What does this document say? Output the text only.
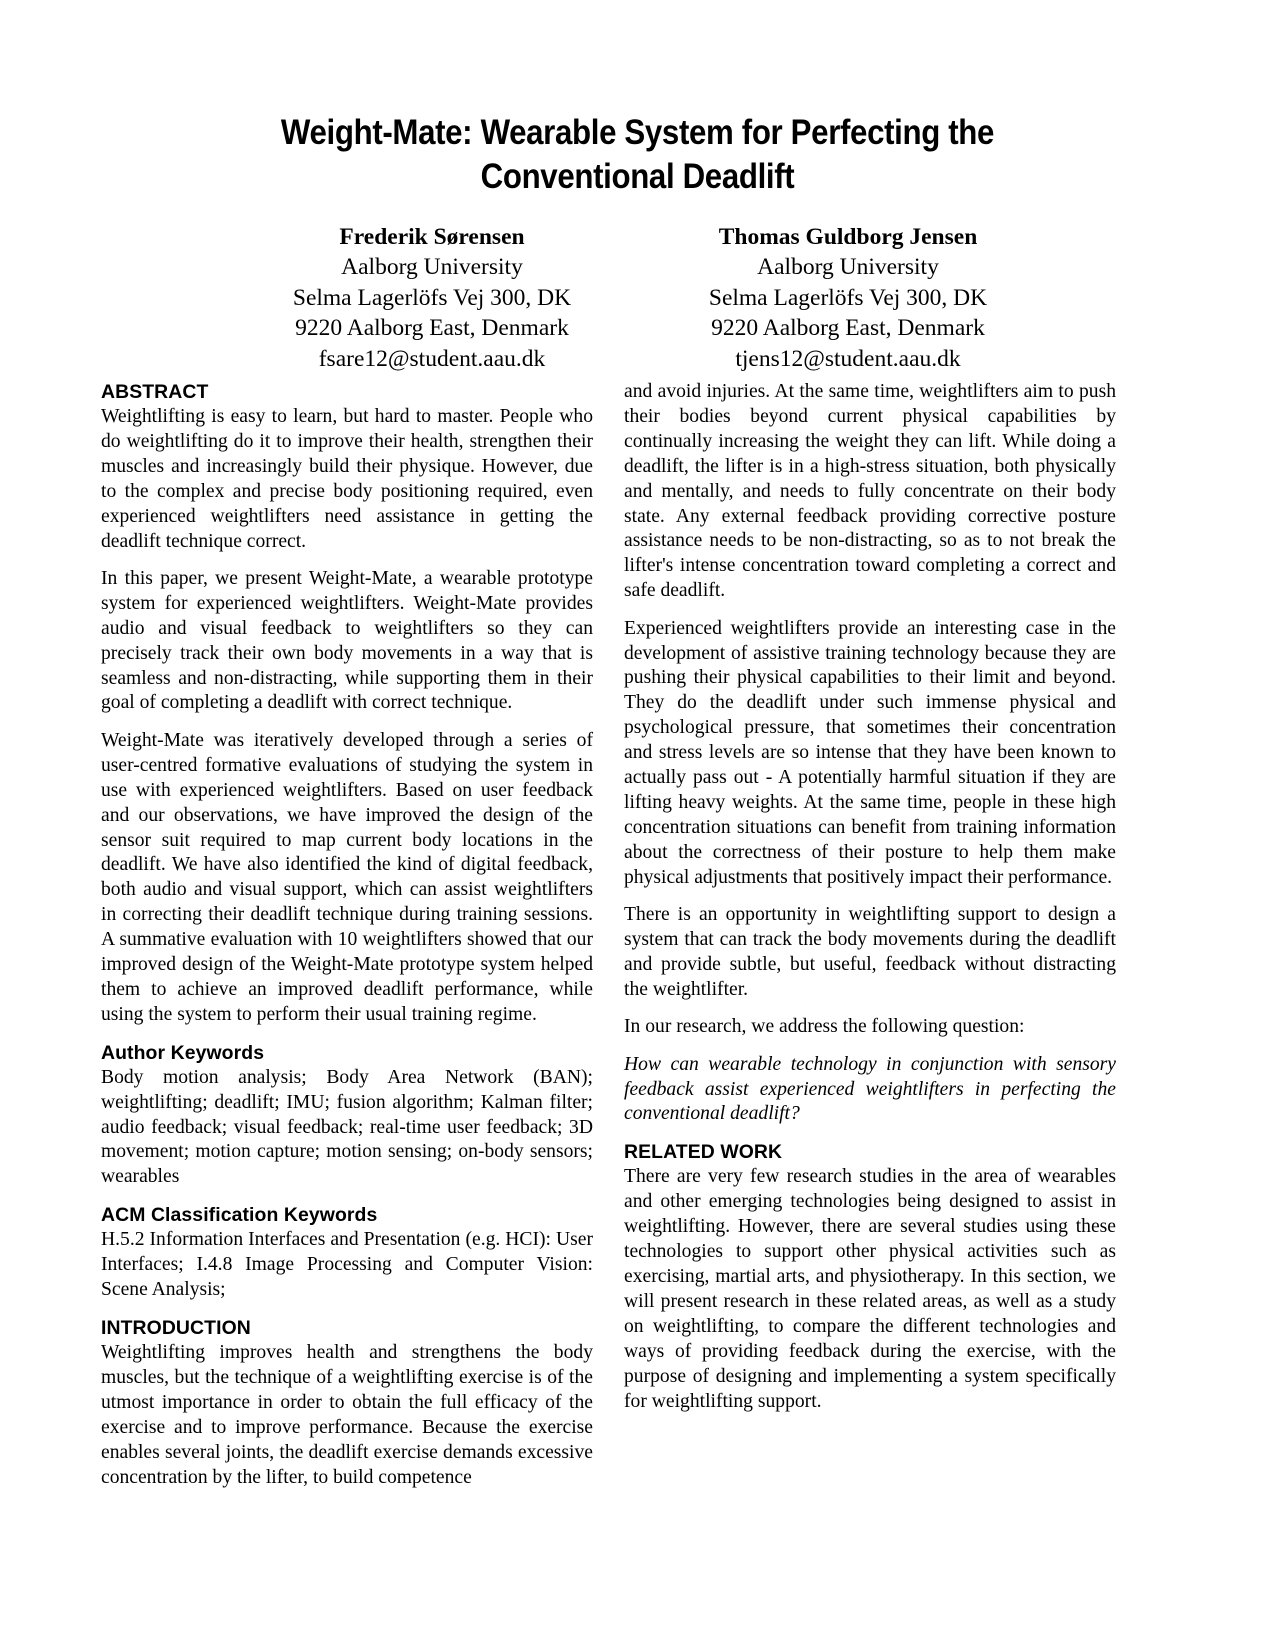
Weight-Mate: Wearable System for Perfecting the Conventional Deadlift
Frederik Sørensen
Aalborg University
Selma Lagerlöfs Vej 300, DK
9220 Aalborg East, Denmark
fsare12@student.aau.dk
Thomas Guldborg Jensen
Aalborg University
Selma Lagerlöfs Vej 300, DK
9220 Aalborg East, Denmark
tjens12@student.aau.dk
ABSTRACT

Weightlifting is easy to learn, but hard to master. People who do weightlifting do it to improve their health, strengthen their muscles and increasingly build their physique. However, due to the complex and precise body positioning required, even experienced weightlifters need assistance in getting the deadlift technique correct.

In this paper, we present Weight-Mate, a wearable prototype system for experienced weightlifters. Weight-Mate provides audio and visual feedback to weightlifters so they can precisely track their own body movements in a way that is seamless and non-distracting, while supporting them in their goal of completing a deadlift with correct technique.

Weight-Mate was iteratively developed through a series of user-centred formative evaluations of studying the system in use with experienced weightlifters. Based on user feedback and our observations, we have improved the design of the sensor suit required to map current body locations in the deadlift. We have also identified the kind of digital feedback, both audio and visual support, which can assist weightlifters in correcting their deadlift technique during training sessions. A summative evaluation with 10 weightlifters showed that our improved design of the Weight-Mate prototype system helped them to achieve an improved deadlift performance, while using the system to perform their usual training regime.

Author Keywords

Body motion analysis; Body Area Network (BAN); weightlifting; deadlift; IMU; fusion algorithm; Kalman filter; audio feedback; visual feedback; real-time user feedback; 3D movement; motion capture; motion sensing; on-body sensors; wearables

ACM Classification Keywords

H.5.2 Information Interfaces and Presentation (e.g. HCI): User Interfaces; I.4.8 Image Processing and Computer Vision: Scene Analysis;

INTRODUCTION

Weightlifting improves health and strengthens the body muscles, but the technique of a weightlifting exercise is of the utmost importance in order to obtain the full efficacy of the exercise and to improve performance. Because the exercise enables several joints, the deadlift exercise demands excessive concentration by the lifter, to build competence

and avoid injuries. At the same time, weightlifters aim to push their bodies beyond current physical capabilities by continually increasing the weight they can lift. While doing a deadlift, the lifter is in a high-stress situation, both physically and mentally, and needs to fully concentrate on their body state. Any external feedback providing corrective posture assistance needs to be non-distracting, so as to not break the lifter's intense concentration toward completing a correct and safe deadlift.

Experienced weightlifters provide an interesting case in the development of assistive training technology because they are pushing their physical capabilities to their limit and beyond. They do the deadlift under such immense physical and psychological pressure, that sometimes their concentration and stress levels are so intense that they have been known to actually pass out - A potentially harmful situation if they are lifting heavy weights. At the same time, people in these high concentration situations can benefit from training information about the correctness of their posture to help them make physical adjustments that positively impact their performance.

There is an opportunity in weightlifting support to design a system that can track the body movements during the deadlift and provide subtle, but useful, feedback without distracting the weightlifter.

In our research, we address the following question:

How can wearable technology in conjunction with sensory feedback assist experienced weightlifters in perfecting the conventional deadlift?

RELATED WORK

There are very few research studies in the area of wearables and other emerging technologies being designed to assist in weightlifting. However, there are several studies using these technologies to support other physical activities such as exercising, martial arts, and physiotherapy. In this section, we will present research in these related areas, as well as a study on weightlifting, to compare the different technologies and ways of providing feedback during the exercise, with the purpose of designing and implementing a system specifically for weightlifting support.
